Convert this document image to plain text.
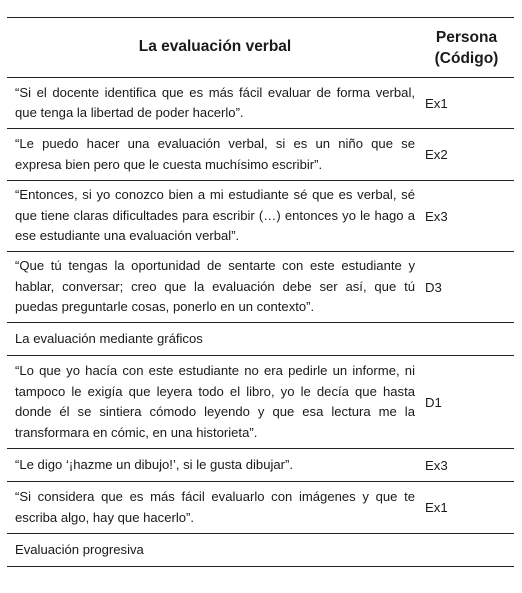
La evaluación verbal
Persona
(Código)
“Si el docente identifica que es más fácil evaluar de forma verbal, que tenga la libertad de poder hacerlo”.
Ex1
“Le puedo hacer una evaluación verbal, si es un niño que se expresa bien pero que le cuesta muchísimo escribir”.
Ex2
“Entonces, si yo conozco bien a mi estudiante sé que es verbal, sé que tiene claras dificultades para escribir (…) entonces yo le hago a ese estudiante una evaluación verbal”.
Ex3
“Que tú tengas la oportunidad de sentarte con este estudiante y hablar, conversar; creo que la evaluación debe ser así, que tú puedas preguntarle cosas, ponerlo en un contexto”.
D3
La evaluación mediante gráficos
“Lo que yo hacía con este estudiante no era pedirle un informe, ni tampoco le exigía que leyera todo el libro, yo le decía que hasta donde él se sintiera cómodo leyendo y que esa lectura me la transformara en cómic, en una historieta”.
D1
“Le digo ‘¡hazme un dibujo!’, si le gusta dibujar”.	Ex3
“Si considera que es más fácil evaluarlo con imágenes y que te escriba algo, hay que hacerlo”.
Ex1
Evaluación progresiva
